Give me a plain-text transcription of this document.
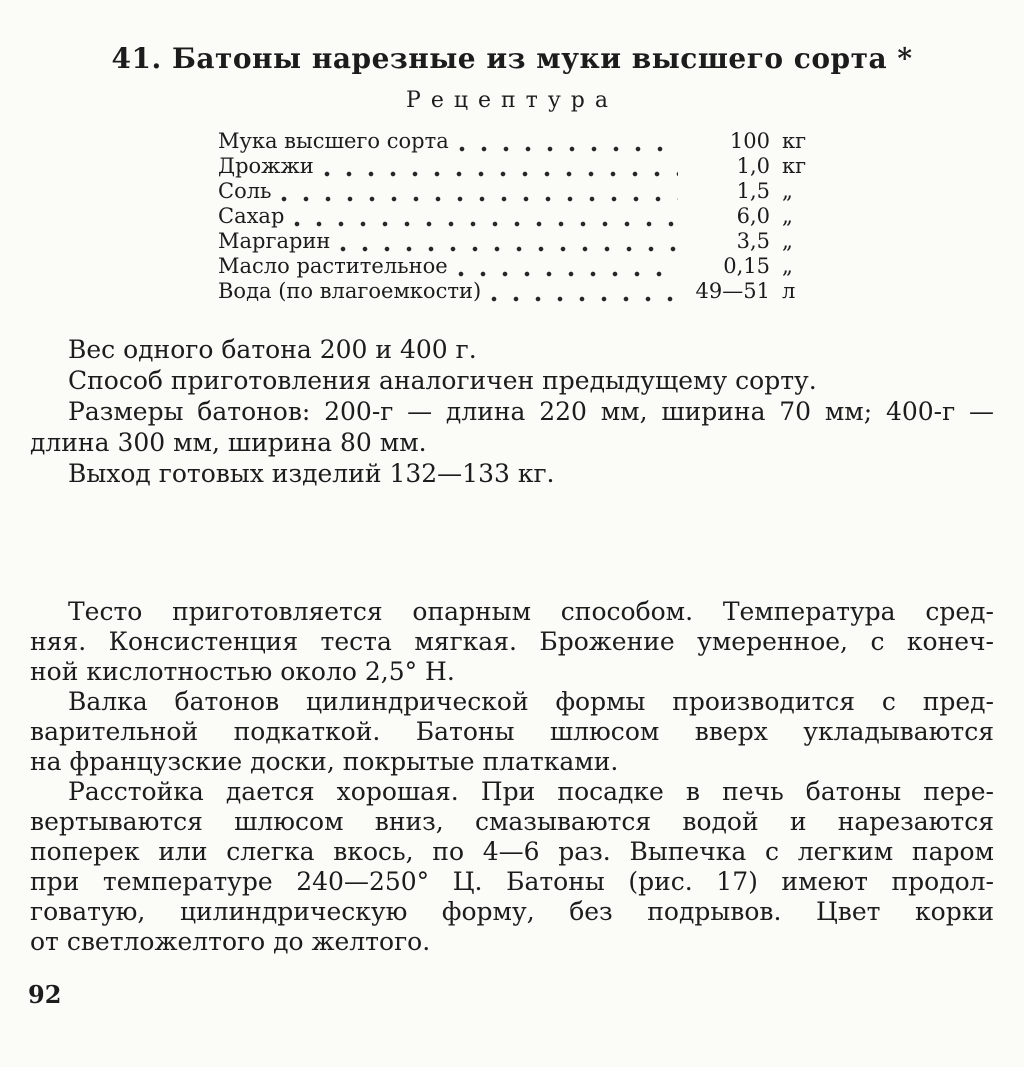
41. Батоны нарезные из муки высшего сорта *
Рецептура
Мука высшего сорта	100 кг
Дрожжи	1,0 кг
Соль	1,5 „
Сахар	6,0 „
Маргарин	3,5 „
Масло растительное	0,15 „
Вода (по влагоемкости)	49—51 л
Вес одного батона 200 и 400 г.
Способ приготовления аналогичен предыдущему сорту.
Размеры батонов: 200-г — длина 220 мм, ширина 70 мм; 400-г —
длина 300 мм, ширина 80 мм.
Выход готовых изделий 132—133 кг.
Тесто приготовляется опарным способом. Температура сред-
няя. Консистенция теста мягкая. Брожение умеренное, с конеч-
ной кислотностью около 2,5° Н.
Валка батонов цилиндрической формы производится с пред-
варительной подкаткой. Батоны шлюсом вверх укладываются
на французские доски, покрытые платками.
Расстойка дается хорошая. При посадке в печь батоны пере-
вертываются шлюсом вниз, смазываются водой и нарезаются
поперек или слегка вкось, по 4—6 раз. Выпечка с легким паром
при температуре 240—250° Ц. Батоны (рис. 17) имеют продол-
говатую, цилиндрическую форму, без подрывов. Цвет корки
от светложелтого до желтого.
92
